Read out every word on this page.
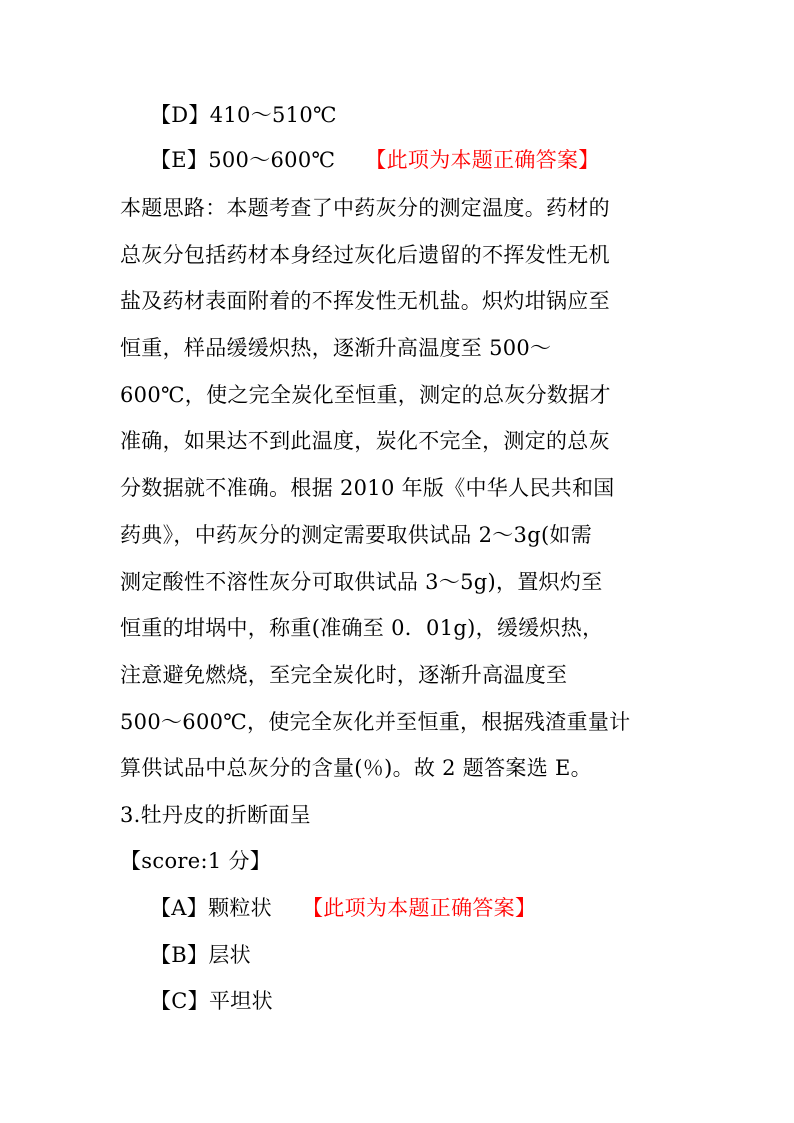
【D】410～510℃
【E】500～600℃ 【此项为本题正确答案】
本题思路：本题考查了中药灰分的测定温度。药材的
总灰分包括药材本身经过灰化后遗留的不挥发性无机
盐及药材表面附着的不挥发性无机盐。炽灼坩锅应至
恒重，样品缓缓炽热，逐渐升高温度至 500～
600℃，使之完全炭化至恒重，测定的总灰分数据才
准确，如果达不到此温度，炭化不完全，测定的总灰
分数据就不准确。根据 2010 年版《中华人民共和国
药典》，中药灰分的测定需要取供试品 2～3g(如需
测定酸性不溶性灰分可取供试品 3～5g)，置炽灼至
恒重的坩埚中，称重(准确至 0．01g)，缓缓炽热，
注意避免燃烧，至完全炭化时，逐渐升高温度至
500～600℃，使完全灰化并至恒重，根据残渣重量计
算供试品中总灰分的含量(％)。故 2 题答案选 E。
3.牡丹皮的折断面呈
【score:1 分】
【A】颗粒状 【此项为本题正确答案】
【B】层状
【C】平坦状
